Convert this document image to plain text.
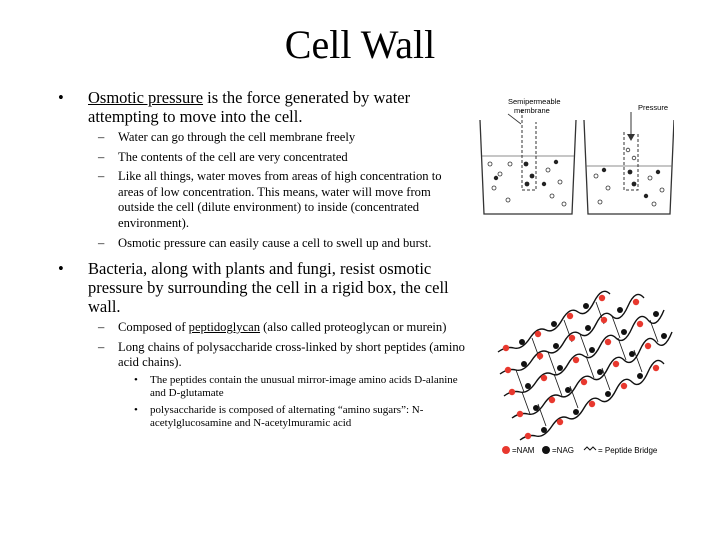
Cell Wall
• Osmotic pressure is the force generated by water attempting to move into the cell.
– Water can go through the cell membrane freely
– The contents of the cell are very concentrated
– Like all things, water moves from areas of high concentration to areas of low concentration. This means, water will move from outside the cell (dilute environment) to inside (concentrated environment).
– Osmotic pressure can easily cause a cell to swell up and burst.
• Bacteria, along with plants and fungi, resist osmotic pressure by surrounding the cell in a rigid box, the cell wall.
– Composed of peptidoglycan (also called proteoglycan or murein)
– Long chains of polysaccharide cross-linked by short peptides (amino acid chains).
• The peptides contain the unusual mirror-image amino acids D-alanine and D-glutamate
• polysaccharide is composed of alternating “amino sugars”: N-acetylglucosamine and N-acetylmuramic acid
Semipermeable
membrane	Pressure
=NAM =NAG	= Peptide Bridge
